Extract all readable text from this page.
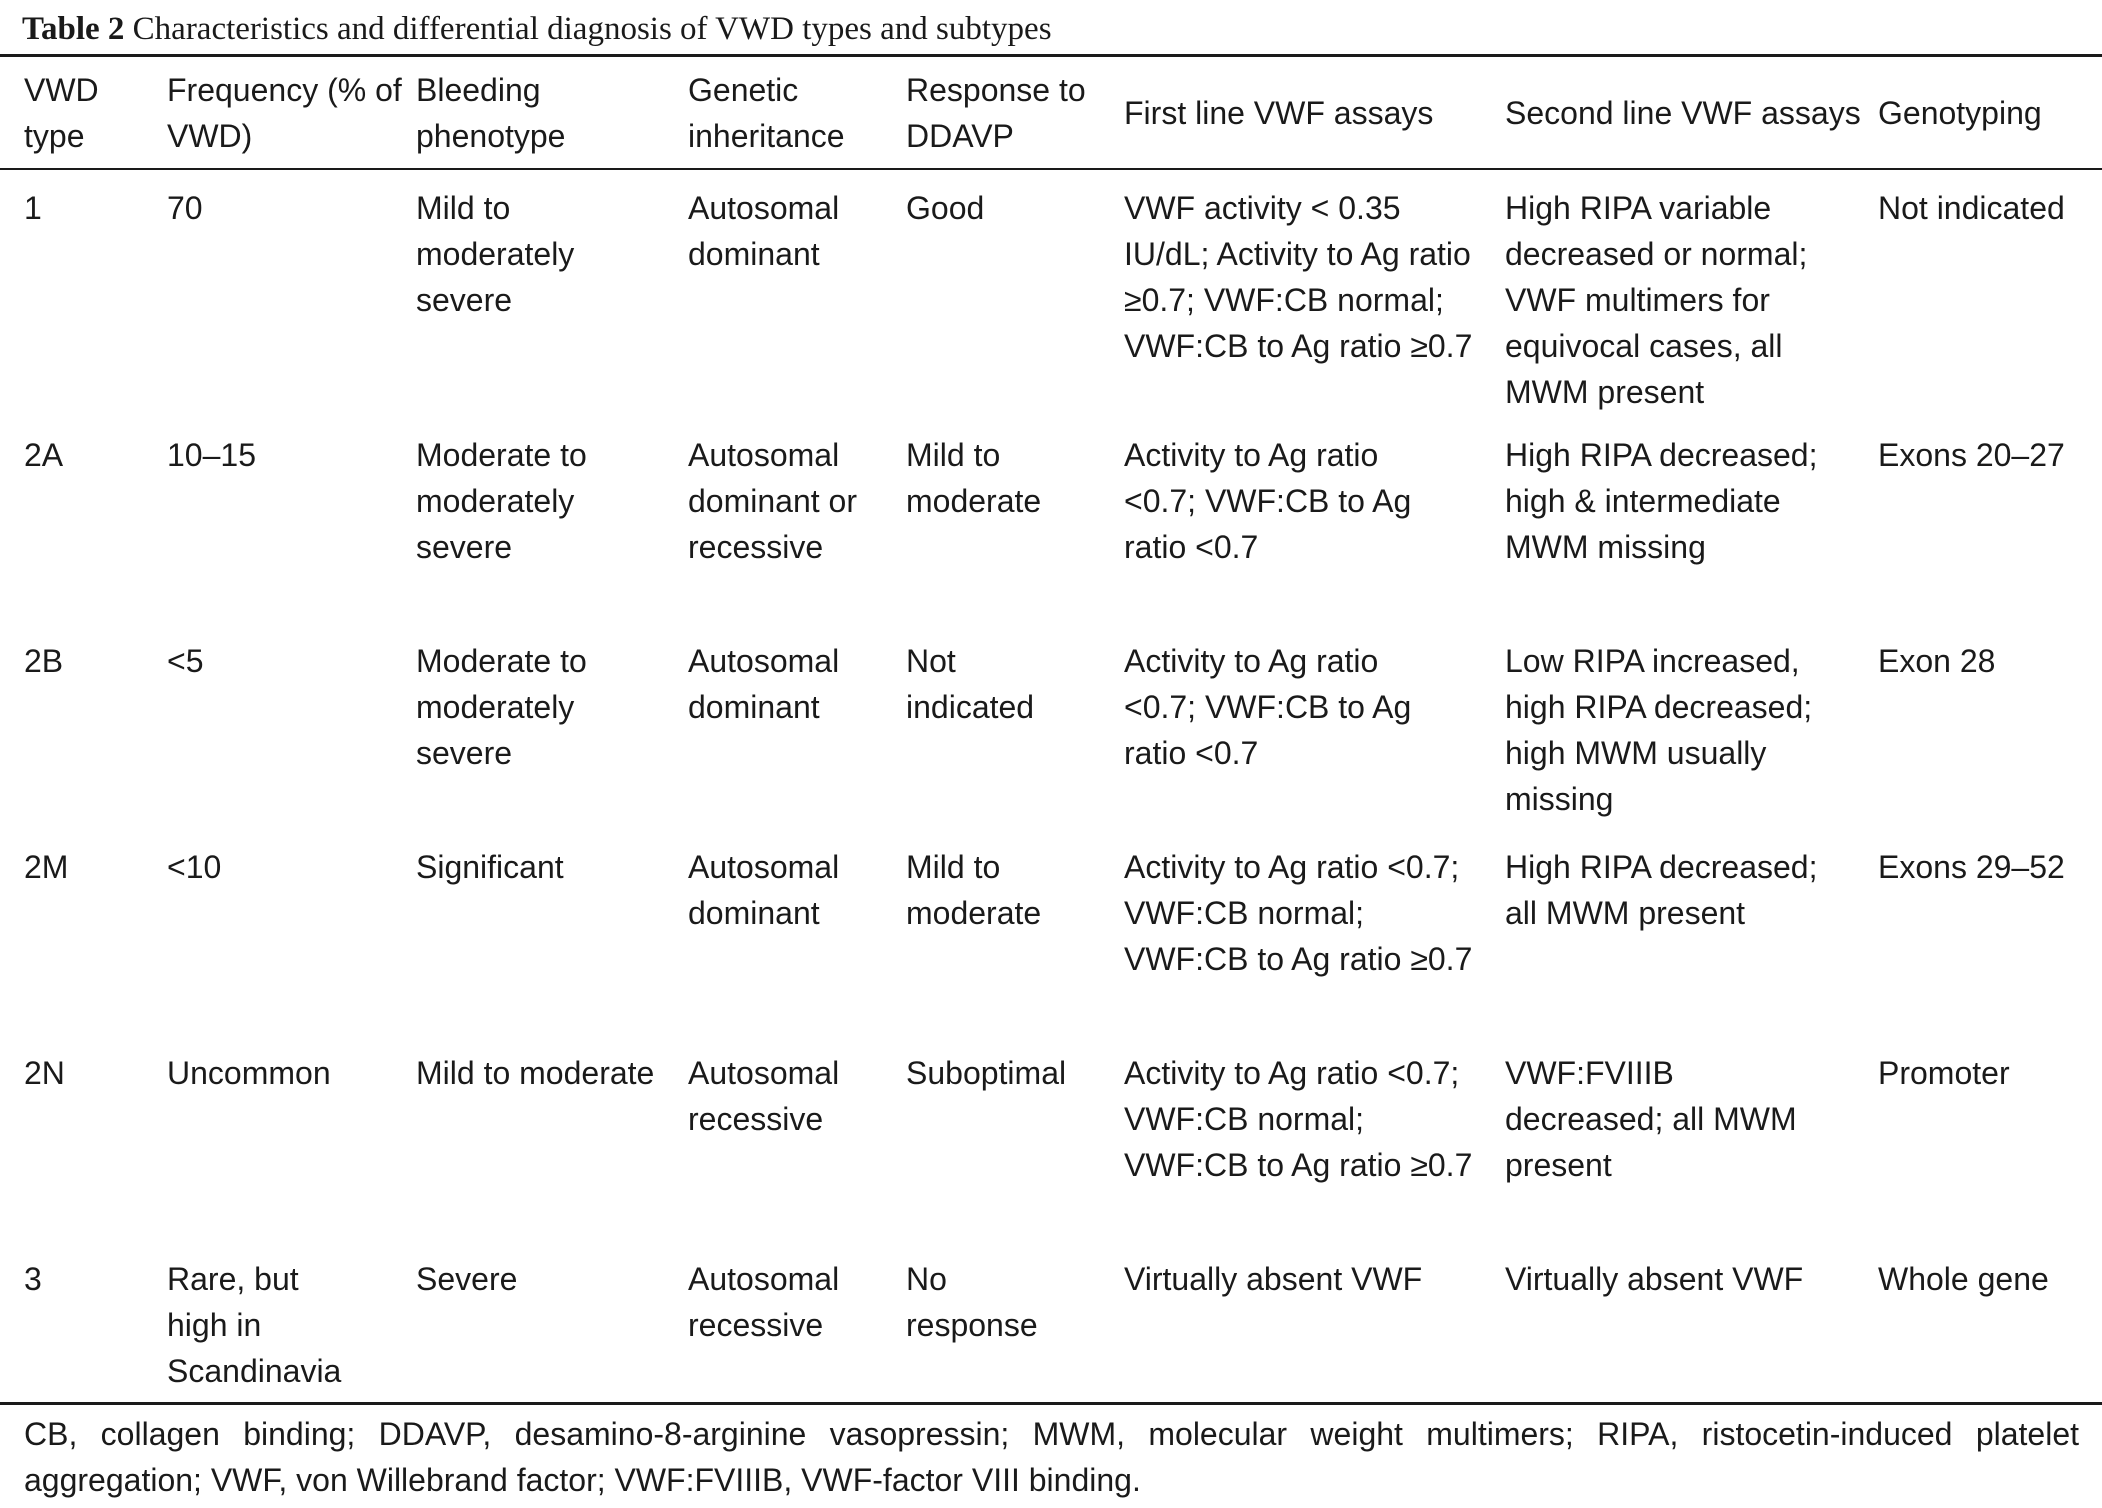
Table 2 Characteristics and differential diagnosis of VWD types and subtypes
VWD type	Frequency (% of VWD)	Bleeding phenotype	Genetic inheritance	Response to DDAVP	First line VWF assays	Second line VWF assays	Genotyping

1	70	Mild to moderately severe	Autosomal dominant	Good	VWF activity < 0.35 IU/dL; Activity to Ag ratio ≥0.7; VWF:CB normal; VWF:CB to Ag ratio ≥0.7	High RIPA variable decreased or normal; VWF multimers for equivocal cases, all MWM present	Not indicated
2A	10–15	Moderate to moderately severe	Autosomal dominant or recessive	Mild to moderate	Activity to Ag ratio <0.7; VWF:CB to Ag ratio <0.7	High RIPA decreased; high & intermediate MWM missing	Exons 20–27
2B	<5	Moderate to moderately severe	Autosomal dominant	Not indicated	Activity to Ag ratio <0.7; VWF:CB to Ag ratio <0.7	Low RIPA increased, high RIPA decreased; high MWM usually missing	Exon 28
2M	<10	Significant	Autosomal dominant	Mild to moderate	Activity to Ag ratio <0.7; VWF:CB normal; VWF:CB to Ag ratio ≥0.7	High RIPA decreased; all MWM present	Exons 29–52
2N	Uncommon	Mild to moderate	Autosomal recessive	Suboptimal	Activity to Ag ratio <0.7; VWF:CB normal; VWF:CB to Ag ratio ≥0.7	VWF:FVIIIB decreased; all MWM present	Promoter
3	Rare, but high in Scandinavia	Severe	Autosomal recessive	No response	Virtually absent VWF	Virtually absent VWF	Whole gene
CB, collagen binding; DDAVP, desamino-8-arginine vasopressin; MWM, molecular weight multimers; RIPA, ristocetin-induced platelet aggregation; VWF, von Willebrand factor; VWF:FVIIIB, VWF-factor VIII binding.
